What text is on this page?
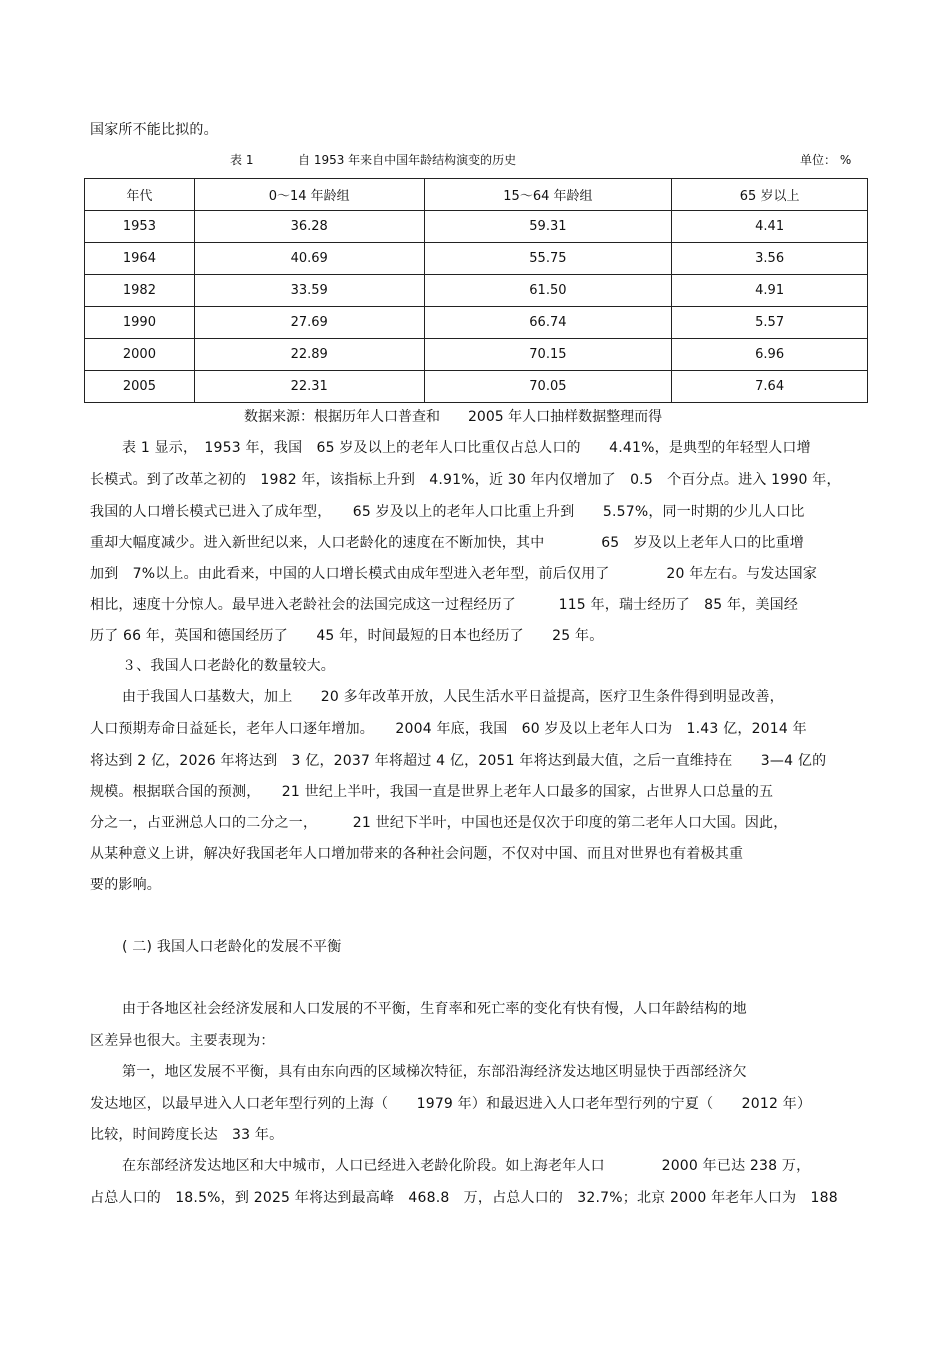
国家所不能比拟的。
表 1	自 1953 年来自中国年龄结构演变的历史	单位： %
年代	0～14 年龄组	15～64 年龄组	65 岁以上
1953	36.28	59.31	4.41
1964	40.69	55.75	3.56
1982	33.59	61.50	4.91
1990	27.69	66.74	5.57
2000	22.89	70.15	6.96
2005	22.31	70.05	7.64
数据来源：根据历年人口普查和　　2005 年人口抽样数据整理而得
表 1 显示，　1953 年，我国　65 岁及以上的老年人口比重仅占总人口的　　4.41%，是典型的年轻型人口增
长模式。到了改革之初的　1982 年，该指标上升到　4.91%，近 30 年内仅增加了　0.5　个百分点。进入 1990 年，
我国的人口增长模式已进入了成年型，　　65 岁及以上的老年人口比重上升到　　5.57%，同一时期的少儿人口比
重却大幅度减少。进入新世纪以来，人口老龄化的速度在不断加快，其中　　　　65　岁及以上老年人口的比重增
加到　7%以上。由此看来，中国的人口增长模式由成年型进入老年型，前后仅用了　　　　20 年左右。与发达国家
相比，速度十分惊人。最早进入老龄社会的法国完成这一过程经历了　　　115 年，瑞士经历了　85 年，美国经
历了 66 年，英国和德国经历了　　45 年，时间最短的日本也经历了　　25 年。
３、我国人口老龄化的数量较大。
由于我国人口基数大，加上　　20 多年改革开放，人民生活水平日益提高，医疗卫生条件得到明显改善，
人口预期寿命日益延长，老年人口逐年增加。　　2004 年底，我国　60 岁及以上老年人口为　1.43 亿，2014 年
将达到 2 亿，2026 年将达到　3 亿，2037 年将超过 4 亿，2051 年将达到最大值，之后一直维持在　　3—4 亿的
规模。根据联合国的预测，　　21 世纪上半叶，我国一直是世界上老年人口最多的国家，占世界人口总量的五
分之一，占亚洲总人口的二分之一，　　　21 世纪下半叶，中国也还是仅次于印度的第二老年人口大国。因此，
从某种意义上讲，解决好我国老年人口增加带来的各种社会问题，不仅对中国、而且对世界也有着极其重
要的影响。
( 二) 我国人口老龄化的发展不平衡
由于各地区社会经济发展和人口发展的不平衡，生育率和死亡率的变化有快有慢，人口年龄结构的地
区差异也很大。主要表现为：
第一，地区发展不平衡，具有由东向西的区域梯次特征，东部沿海经济发达地区明显快于西部经济欠
发达地区，以最早进入人口老年型行列的上海（　　1979 年）和最迟进入人口老年型行列的宁夏（　　2012 年）
比较，时间跨度长达　33 年。
在东部经济发达地区和大中城市，人口已经进入老龄化阶段。如上海老年人口　　　　2000 年已达 238 万，
占总人口的　18.5%，到 2025 年将达到最高峰　468.8　万，占总人口的　32.7%；北京 2000 年老年人口为　188
